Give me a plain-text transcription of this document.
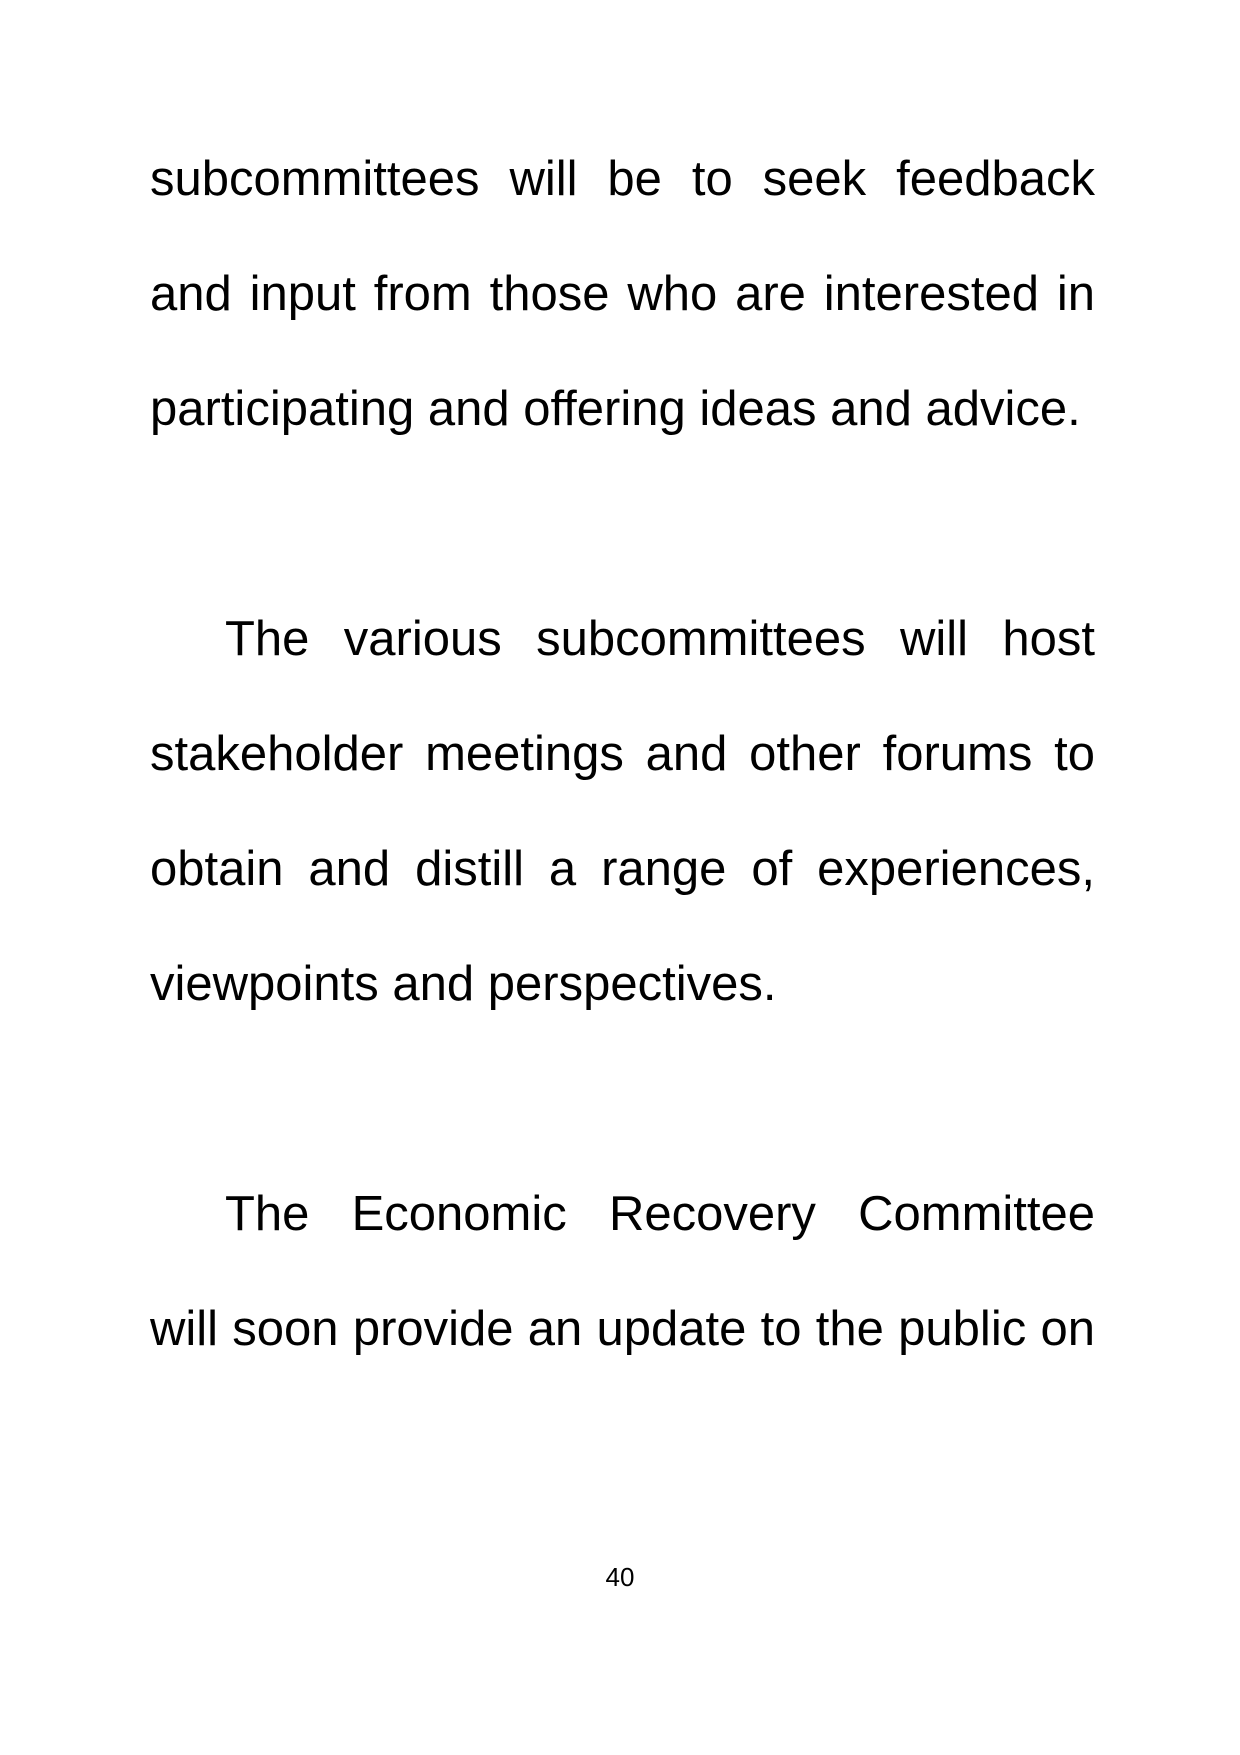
subcommittees will be to seek feedback
and input from those who are interested in
participating and offering ideas and advice.
The various subcommittees will host
stakeholder meetings and other forums to
obtain and distill a range of experiences,
viewpoints and perspectives.
The Economic Recovery Committee
will soon provide an update to the public on
40
